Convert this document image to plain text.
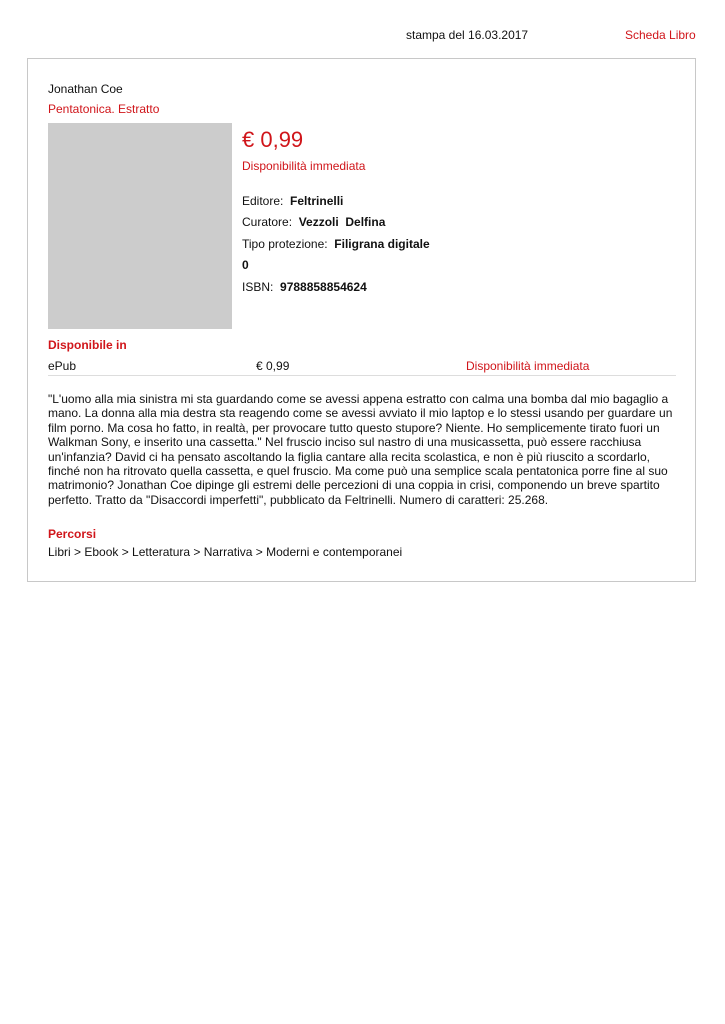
stampa del 16.03.2017	Scheda Libro
Jonathan Coe
Pentatonica. Estratto
€ 0,99
Disponibilità immediata
Editore: Feltrinelli
Curatore: Vezzoli  Delfina
Tipo protezione: Filigrana digitale
0
ISBN: 9788858854624
Disponibile in
ePub	€ 0,99	Disponibilità immediata

"L'uomo alla mia sinistra mi sta guardando come se avessi appena estratto con calma una bomba dal mio bagaglio a mano. La donna alla mia destra sta reagendo come se avessi avviato il mio laptop e lo stessi usando per guardare un film porno. Ma cosa ho fatto, in realtà, per provocare tutto questo stupore? Niente. Ho semplicemente tirato fuori un Walkman Sony, e inserito una cassetta." Nel fruscio inciso sul nastro di una musicassetta, può essere racchiusa un'infanzia? David ci ha pensato ascoltando la figlia cantare alla recita scolastica, e non è più riuscito a scordarlo, finché non ha ritrovato quella cassetta, e quel fruscio. Ma come può una semplice scala pentatonica porre fine al suo matrimonio? Jonathan Coe dipinge gli estremi delle percezioni di una coppia in crisi, componendo un breve spartito perfetto. Tratto da "Disaccordi imperfetti", pubblicato da Feltrinelli. Numero di caratteri: 25.268.

Percorsi
Libri > Ebook > Letteratura > Narrativa > Moderni e contemporanei
